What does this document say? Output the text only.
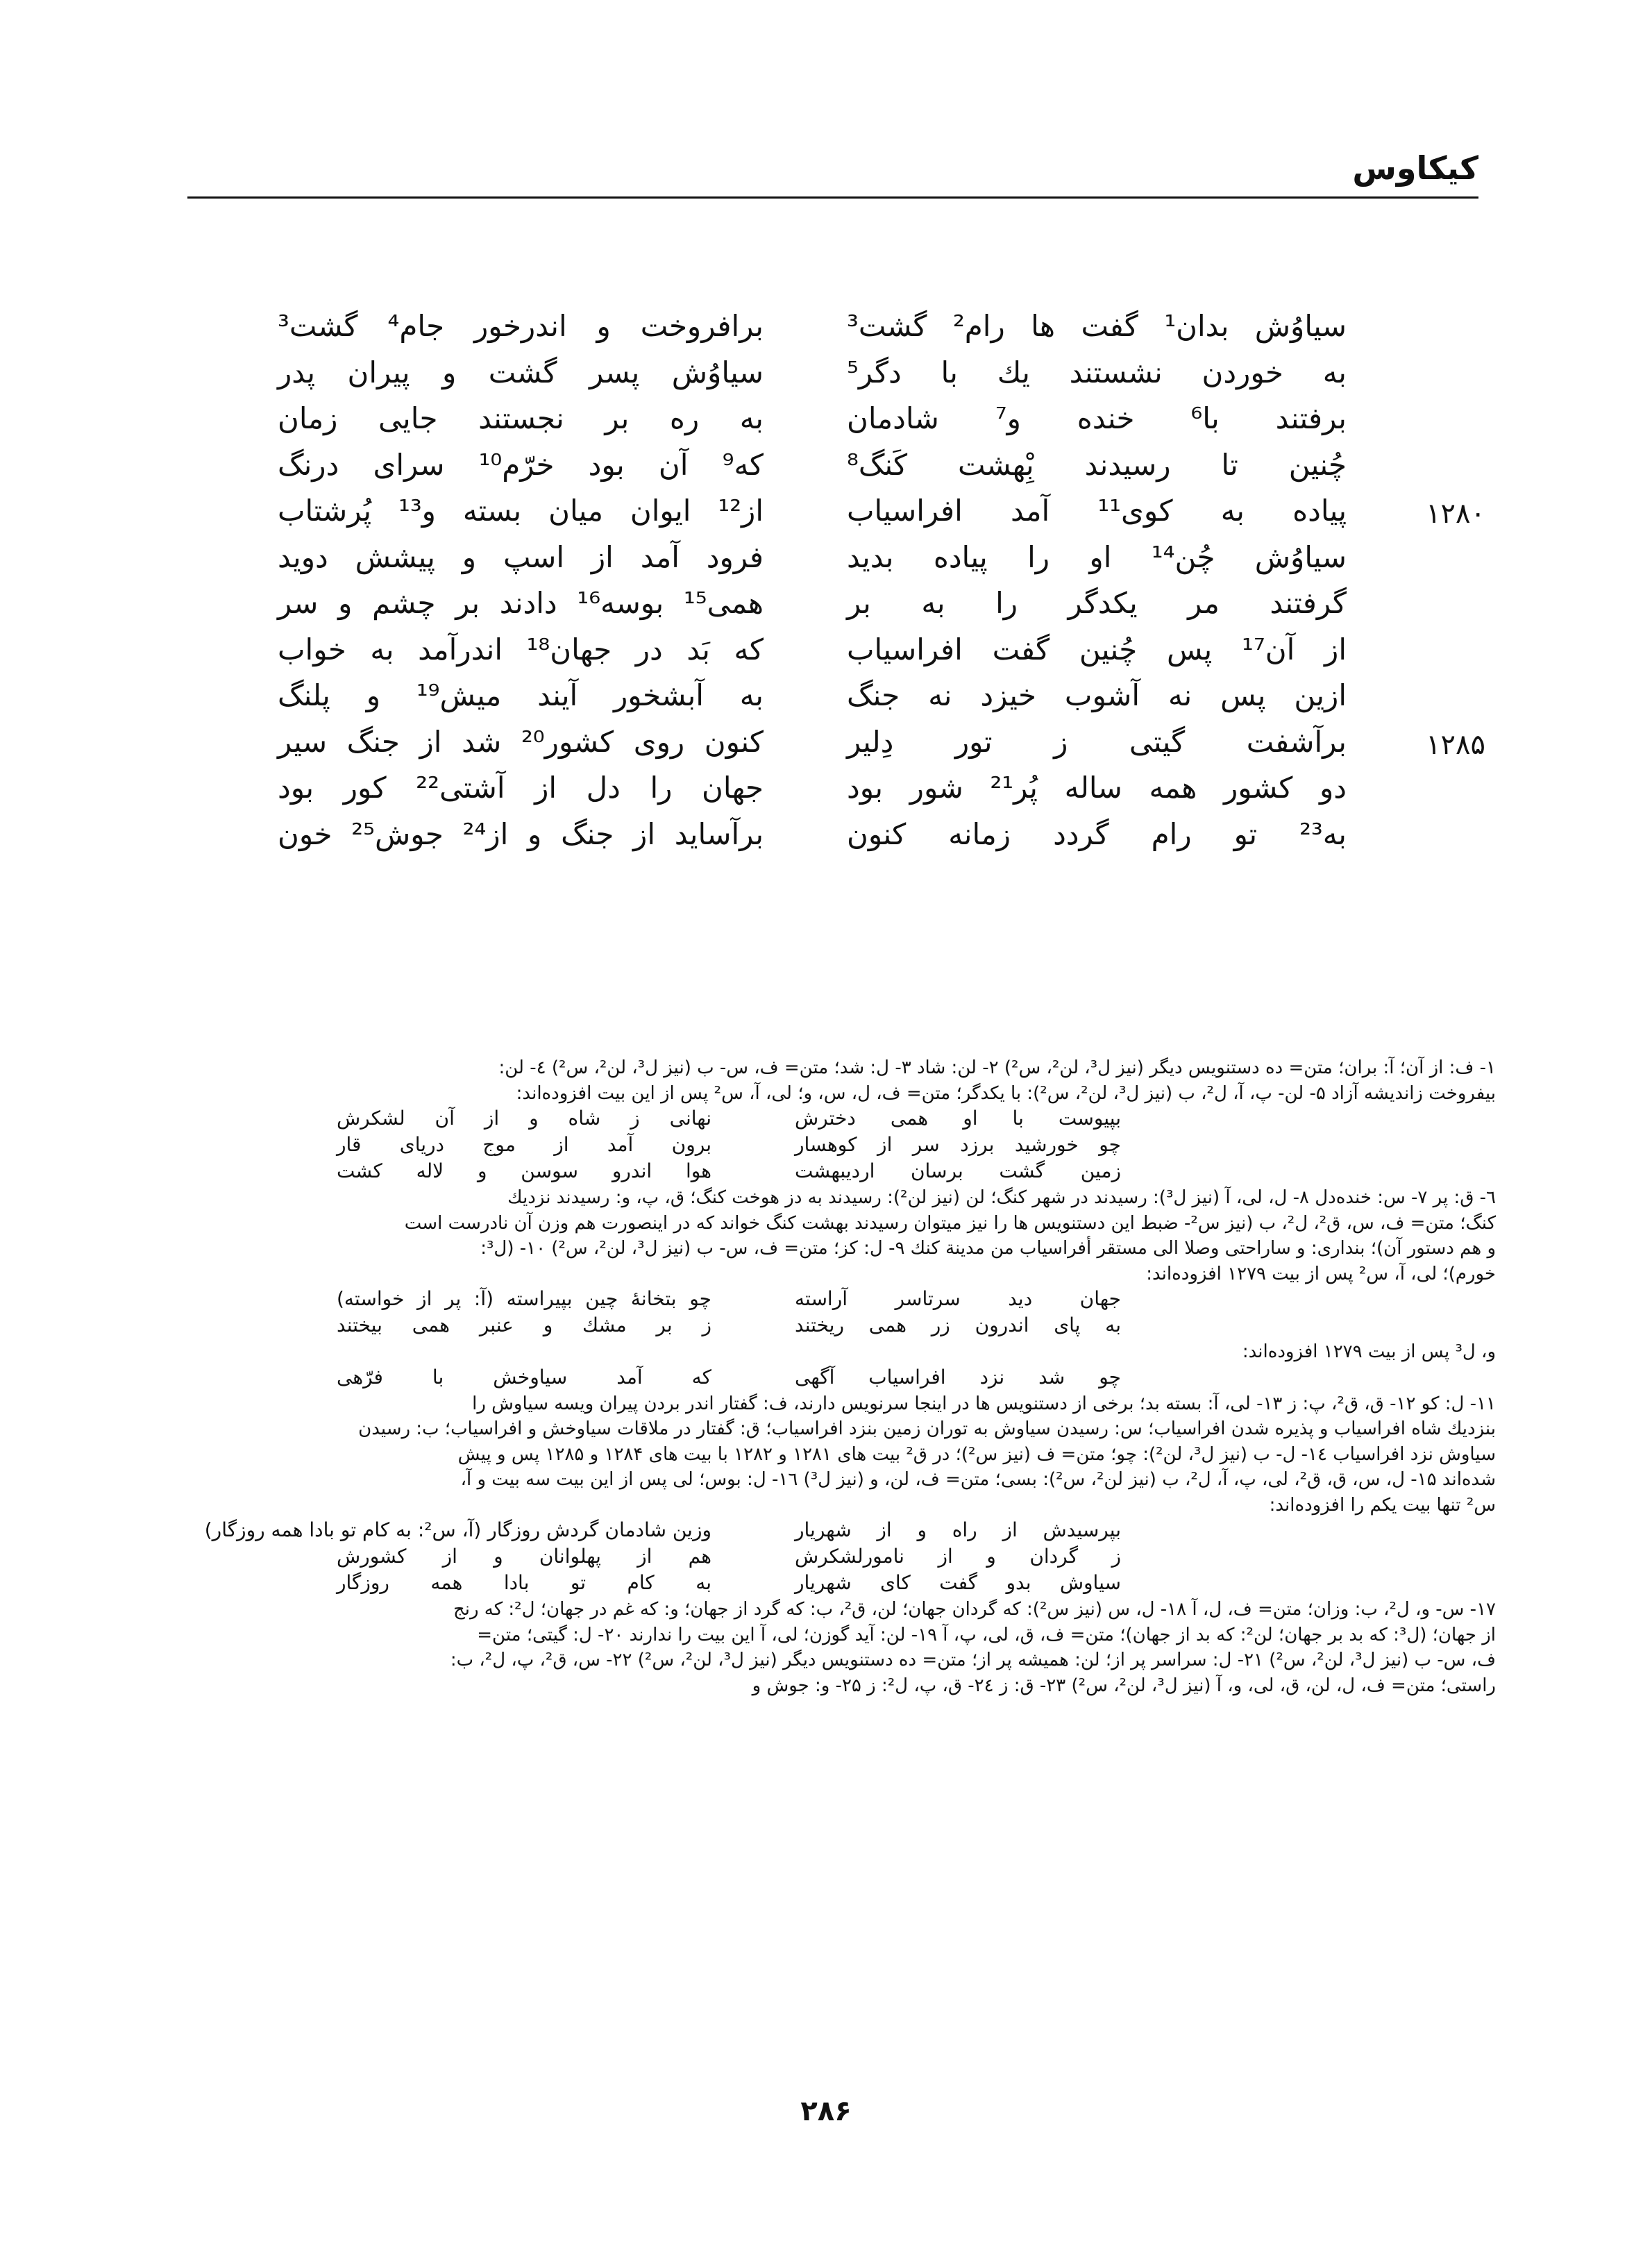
کیکاوس
سیاوُش بدان¹ گفت ها رام² گشت³
برافروخت و اندرخور جام⁴ گشت³
به خوردن نشستند یك با دگر⁵
سیاوُش پسر گشت و پیران پدر
برفتند با⁶ خنده و⁷ شادمان
به ره بر نجستند جایی زمان
چُنین تا رسیدند بِْهشت کَنگ⁸
که⁹ آن بود خرّم¹⁰ سرای درنگ
۱۲۸۰
پیاده به کوی¹¹ آمد افراسیاب
از¹² ایوان میان بسته و¹³ پُرشتاب
سیاوُش چُن¹⁴ او را پیاده بدید
فرود آمد از اسپ و پیشش دوید
گرفتند مر یکدگر را به بر
همی¹⁵ بوسه¹⁶ دادند بر چشم و سر
از آن¹⁷ پس چُنین گفت افراسیاب
که بَد در جهان¹⁸ اندرآمد به خواب
ازین پس نه آشوب خیزد نه جنگ
به آبشخور آیند میش¹⁹ و پلنگ
۱۲۸۵
برآشفت گیتی ز تور دِلیر
کنون روی کشور²⁰ شد از جنگ سیر
دو کشور همه ساله پُر²¹ شور بود
جهان را دل از آشتی²² کور بود
به²³ تو رام گردد زمانه کنون
برآساید از جنگ و از²⁴ جوش²⁵ خون
۱- ف: از آن؛ آ: بران؛ متن= ده دستنویس دیگر (نیز ل³، لن²، س²) ۲- لن: شاد ۳- ل: شد؛ متن= ف، س- ب (نیز ل³، لن²، س²) ٤- لن:
بیفروخت زاندیشه آزاد ۵- لن- پ، آ، ل²، ب (نیز ل³، لن²، س²): با یکدگر؛ متن= ف، ل، س، و؛ لی، آ، س² پس از این بیت افزوده‌اند:
بپیوست با او همی دخترش
نهانی ز شاه و از آن لشکرش
چو خورشید برزد سر از کوهسار
برون آمد از موج دریای قار
زمین گشت برسان اردیبهشت
هوا اندرو سوسن و لاله کشت
٦- ق: پر ۷- س: خنده‌دل ۸- ل، لی، آ (نیز ل³): رسیدند در شهر کنگ؛ لن (نیز لن²): رسیدند به دز هوخت کنگ؛ ق، پ، و: رسیدند نزدیك
کنگ؛ متن= ف، س، ق²، ل²، ب (نیز س²- ضبط این دستنویس ها را نیز میتوان رسیدند بهشت کنگ خواند که در اینصورت هم وزن آن نادرست است
و هم دستور آن)؛ بنداری: و ساراحتی وصلا الی مستقر أفراسیاب من مدینة کنك ۹- ل: کز؛ متن= ف، س- ب (نیز ل³، لن²، س²) ۱۰- (ل³:
خورم)؛ لی، آ، س² پس از بیت ۱۲۷۹ افزوده‌اند:
جهان دید سرتاسر آراسته
چو بتخانهٔ چین بپیراسته (آ: پر از خواسته)
به پای اندرون زر همی ریختند
ز بر مشك و عنبر همی بیختند
و، ل³ پس از بیت ۱۲۷۹ افزوده‌اند:
چو شد نزد افراسیاب آگهی
که آمد سیاوخش با فرّهی
۱۱- ل: کو ۱۲- ق، ق²، پ: ز ۱۳- لی، آ: بسته بد؛ برخی از دستنویس ها در اینجا سرنویس دارند، ف: گفتار اندر بردن پیران ویسه سیاوش را
بنزدیك شاه افراسیاب و پذیره شدن افراسیاب؛ س: رسیدن سیاوش به توران زمین بنزد افراسیاب؛ ق: گفتار در ملاقات سیاوخش و افراسیاب؛ ب: رسیدن
سیاوش نزد افراسیاب ۱٤- ل- ب (نیز ل³، لن²): چو؛ متن= ف (نیز س²)؛ در ق² بیت های ۱۲۸۱ و ۱۲۸۲ با بیت های ۱۲۸۴ و ۱۲۸۵ پس و پیش
شده‌اند ۱۵- ل، س، ق، ق²، لی، پ، آ، ل²، ب (نیز لن²، س²): بسی؛ متن= ف، لن، و (نیز ل³) ۱٦- ل: بوس؛ لی پس از این بیت سه بیت و آ،
س² تنها بیت یکم را افزوده‌اند:
بپرسیدش از راه و از شهریار
وزین شادمان گردش روزگار (آ، س²: به کام تو بادا همه روزگار)
ز گردان و از نامورلشکرش
هم از پهلوانان و از کشورش
سیاوش بدو گفت کای شهریار
به کام تو بادا همه روزگار
۱۷- س- و، ل²، ب: وزان؛ متن= ف، ل، آ ۱۸- ل، س (نیز س²): که گردان جهان؛ لن، ق²، ب: که گرد از جهان؛ و: که غم در جهان؛ ل²: که رنج
از جهان؛ (ل³: که بد بر جهان؛ لن²: که بد از جهان)؛ متن= ف، ق، لی، پ، آ ۱۹- لن: آید گوزن؛ لی، آ این بیت را ندارند ۲۰- ل: گیتی؛ متن=
ف، س- ب (نیز ل³، لن²، س²) ۲۱- ل: سراسر پر از؛ لن: همیشه پر از؛ متن= ده دستنویس دیگر (نیز ل³، لن²، س²) ۲۲- س، ق²، پ، ل²، ب:
راستی؛ متن= ف، ل، لن، ق، لی، و، آ (نیز ل³، لن²، س²) ۲۳- ق: ز ۲٤- ق، پ، ل²: ز ۲۵- و: جوش و
۲۸۶
